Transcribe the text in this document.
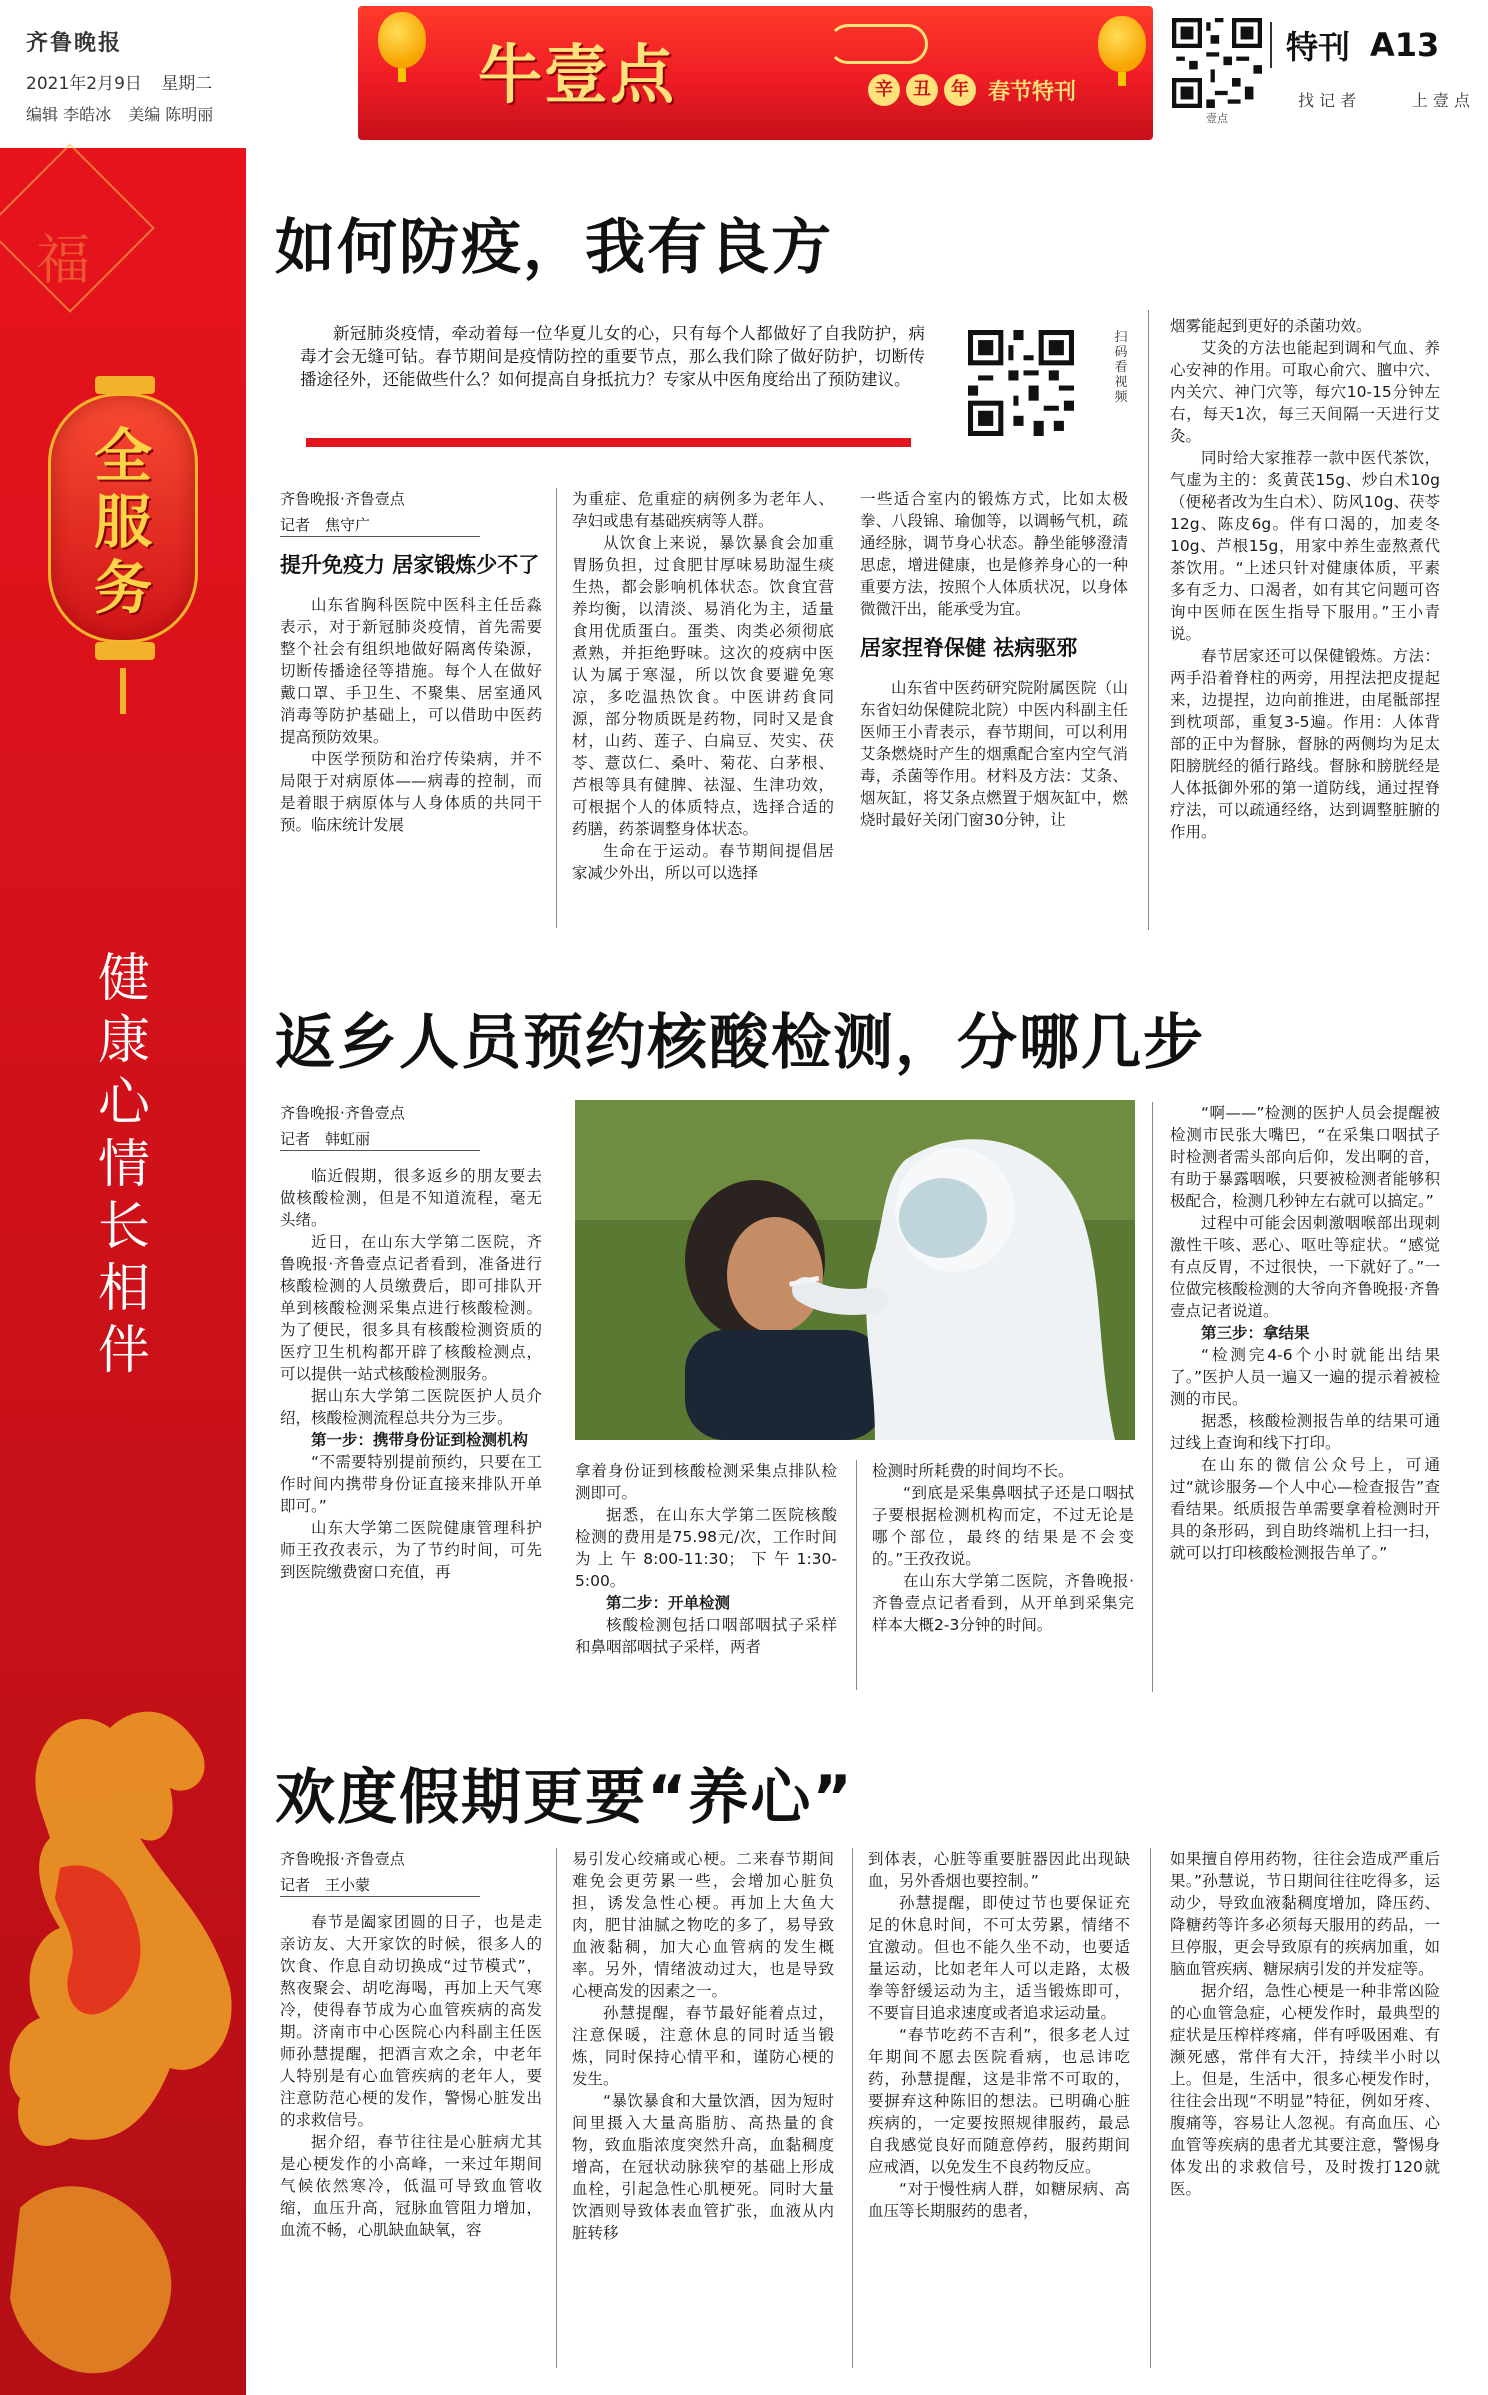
齐鲁晚报
2021年2月9日 星期二
编辑 李皓冰 美编 陈明丽
牛壹点	辛	丑	年 春节特刊
壹点
特刊 A13
找 记 者	上 壹 点
福
全服务
健康心情长相伴
如何防疫，我有良方
新冠肺炎疫情，牵动着每一位华夏儿女的心，只有每个人都做好了自我防护，病毒才会无缝可钻。春节期间是疫情防控的重要节点，那么我们除了做好防护，切断传播途径外，还能做些什么？如何提高自身抵抗力？专家从中医角度给出了预防建议。
扫码看视频
齐鲁晚报·齐鲁壹点
记者　焦守广
提升免疫力 居家锻炼少不了

山东省胸科医院中医科主任岳淼表示，对于新冠肺炎疫情，首先需要整个社会有组织地做好隔离传染源，切断传播途径等措施。每个人在做好戴口罩、手卫生、不聚集、居室通风消毒等防护基础上，可以借助中医药提高预防效果。

中医学预防和治疗传染病，并不局限于对病原体——病毒的控制，而是着眼于病原体与人身体质的共同干预。临床统计发展

为重症、危重症的病例多为老年人、孕妇或患有基础疾病等人群。

从饮食上来说，暴饮暴食会加重胃肠负担，过食肥甘厚味易助湿生痰生热，都会影响机体状态。饮食宜营养均衡，以清淡、易消化为主，适量食用优质蛋白。蛋类、肉类必须彻底煮熟，并拒绝野味。这次的疫病中医认为属于寒湿，所以饮食要避免寒凉，多吃温热饮食。中医讲药食同源，部分物质既是药物，同时又是食材，山药、莲子、白扁豆、芡实、茯苓、薏苡仁、桑叶、菊花、白茅根、芦根等具有健脾、祛湿、生津功效，可根据个人的体质特点，选择合适的药膳，药茶调整身体状态。

生命在于运动。春节期间提倡居家减少外出，所以可以选择

一些适合室内的锻炼方式，比如太极拳、八段锦、瑜伽等，以调畅气机，疏通经脉，调节身心状态。静坐能够澄清思虑，增进健康，也是修养身心的一种重要方法，按照个人体质状况，以身体微微汗出，能承受为宜。

居家捏脊保健 祛病驱邪

山东省中医药研究院附属医院（山东省妇幼保健院北院）中医内科副主任医师王小青表示，春节期间，可以利用艾条燃烧时产生的烟熏配合室内空气消毒，杀菌等作用。材料及方法：艾条、烟灰缸，将艾条点燃置于烟灰缸中，燃烧时最好关闭门窗30分钟，让

烟雾能起到更好的杀菌功效。

艾灸的方法也能起到调和气血、养心安神的作用。可取心俞穴、膻中穴、内关穴、神门穴等，每穴10-15分钟左右，每天1次，每三天间隔一天进行艾灸。

同时给大家推荐一款中医代茶饮，气虚为主的：炙黄芪15g、炒白术10g（便秘者改为生白术）、防风10g、茯苓12g、陈皮6g。伴有口渴的，加麦冬10g、芦根15g，用家中养生壶熬煮代茶饮用。“上述只针对健康体质，平素多有乏力、口渴者，如有其它问题可咨询中医师在医生指导下服用。”王小青说。

春节居家还可以保健锻炼。方法：两手沿着脊柱的两旁，用捏法把皮提起来，边提捏，边向前推进，由尾骶部捏到枕项部，重复3-5遍。作用：人体背部的正中为督脉，督脉的两侧均为足太阳膀胱经的循行路线。督脉和膀胱经是人体抵御外邪的第一道防线，通过捏脊疗法，可以疏通经络，达到调整脏腑的作用。

返乡人员预约核酸检测，分哪几步
齐鲁晚报·齐鲁壹点
记者　韩虹丽

临近假期，很多返乡的朋友要去做核酸检测，但是不知道流程，毫无头绪。

近日，在山东大学第二医院，齐鲁晚报·齐鲁壹点记者看到，准备进行核酸检测的人员缴费后，即可排队开单到核酸检测采集点进行核酸检测。为了便民，很多具有核酸检测资质的医疗卫生机构都开辟了核酸检测点，可以提供一站式核酸检测服务。

据山东大学第二医院医护人员介绍，核酸检测流程总共分为三步。

第一步：携带身份证到检测机构

“不需要特别提前预约，只要在工作时间内携带身份证直接来排队开单即可。”

山东大学第二医院健康管理科护师王孜孜表示，为了节约时间，可先到医院缴费窗口充值，再

拿着身份证到核酸检测采集点排队检测即可。

据悉，在山东大学第二医院核酸检测的费用是75.98元/次，工作时间为上午8:00-11:30；下午1:30-5:00。

第二步：开单检测

核酸检测包括口咽部咽拭子采样和鼻咽部咽拭子采样，两者

检测时所耗费的时间均不长。

“到底是采集鼻咽拭子还是口咽拭子要根据检测机构而定，不过无论是哪个部位，最终的结果是不会变的。”王孜孜说。

在山东大学第二医院，齐鲁晚报·齐鲁壹点记者看到，从开单到采集完样本大概2-3分钟的时间。

“啊——”检测的医护人员会提醒被检测市民张大嘴巴，“在采集口咽拭子时检测者需头部向后仰，发出啊的音，有助于暴露咽喉，只要被检测者能够积极配合，检测几秒钟左右就可以搞定。”

过程中可能会因刺激咽喉部出现刺激性干咳、恶心、呕吐等症状。“感觉有点反胃，不过很快，一下就好了。”一位做完核酸检测的大爷向齐鲁晚报·齐鲁壹点记者说道。

第三步：拿结果

“检测完4-6个小时就能出结果了。”医护人员一遍又一遍的提示着被检测的市民。

据悉，核酸检测报告单的结果可通过线上查询和线下打印。

在山东的微信公众号上，可通过“就诊服务—个人中心—检查报告”查看结果。纸质报告单需要拿着检测时开具的条形码，到自助终端机上扫一扫，就可以打印核酸检测报告单了。”

欢度假期更要“养心”
齐鲁晚报·齐鲁壹点
记者　王小蒙

春节是阖家团圆的日子，也是走亲访友、大开家饮的时候，很多人的饮食、作息自动切换成“过节模式”，熬夜聚会、胡吃海喝，再加上天气寒冷，使得春节成为心血管疾病的高发期。济南市中心医院心内科副主任医师孙慧提醒，把酒言欢之余，中老年人特别是有心血管疾病的老年人，要注意防范心梗的发作，警惕心脏发出的求救信号。

据介绍，春节往往是心脏病尤其是心梗发作的小高峰，一来过年期间气候依然寒冷，低温可导致血管收缩，血压升高，冠脉血管阻力增加，血流不畅，心肌缺血缺氧，容

易引发心绞痛或心梗。二来春节期间难免会更劳累一些，会增加心脏负担，诱发急性心梗。再加上大鱼大肉，肥甘油腻之物吃的多了，易导致血液黏稠，加大心血管病的发生概率。另外，情绪波动过大，也是导致心梗高发的因素之一。

孙慧提醒，春节最好能着点过，注意保暖，注意休息的同时适当锻炼，同时保持心情平和，谨防心梗的发生。

“暴饮暴食和大量饮酒，因为短时间里摄入大量高脂肪、高热量的食物，致血脂浓度突然升高，血黏稠度增高，在冠状动脉狭窄的基础上形成血栓，引起急性心肌梗死。同时大量饮酒则导致体表血管扩张，血液从内脏转移

到体表，心脏等重要脏器因此出现缺血，另外香烟也要控制。”

孙慧提醒，即使过节也要保证充足的休息时间，不可太劳累，情绪不宜激动。但也不能久坐不动，也要适量运动，比如老年人可以走路，太极拳等舒缓运动为主，适当锻炼即可，不要盲目追求速度或者追求运动量。

“春节吃药不吉利”，很多老人过年期间不愿去医院看病，也忌讳吃药，孙慧提醒，这是非常不可取的，要摒弃这种陈旧的想法。已明确心脏疾病的，一定要按照规律服药，最忌自我感觉良好而随意停药，服药期间应戒酒，以免发生不良药物反应。

“对于慢性病人群，如糖尿病、高血压等长期服药的患者，

如果擅自停用药物，往往会造成严重后果。”孙慧说，节日期间往往吃得多，运动少，导致血液黏稠度增加，降压药、降糖药等许多必须每天服用的药品，一旦停服，更会导致原有的疾病加重，如脑血管疾病、糖尿病引发的并发症等。

据介绍，急性心梗是一种非常凶险的心血管急症，心梗发作时，最典型的症状是压榨样疼痛，伴有呼吸困难、有濒死感，常伴有大汗，持续半小时以上。但是，生活中，很多心梗发作时，往往会出现“不明显”特征，例如牙疼、腹痛等，容易让人忽视。有高血压、心血管等疾病的患者尤其要注意，警惕身体发出的求救信号，及时拨打120就医。
